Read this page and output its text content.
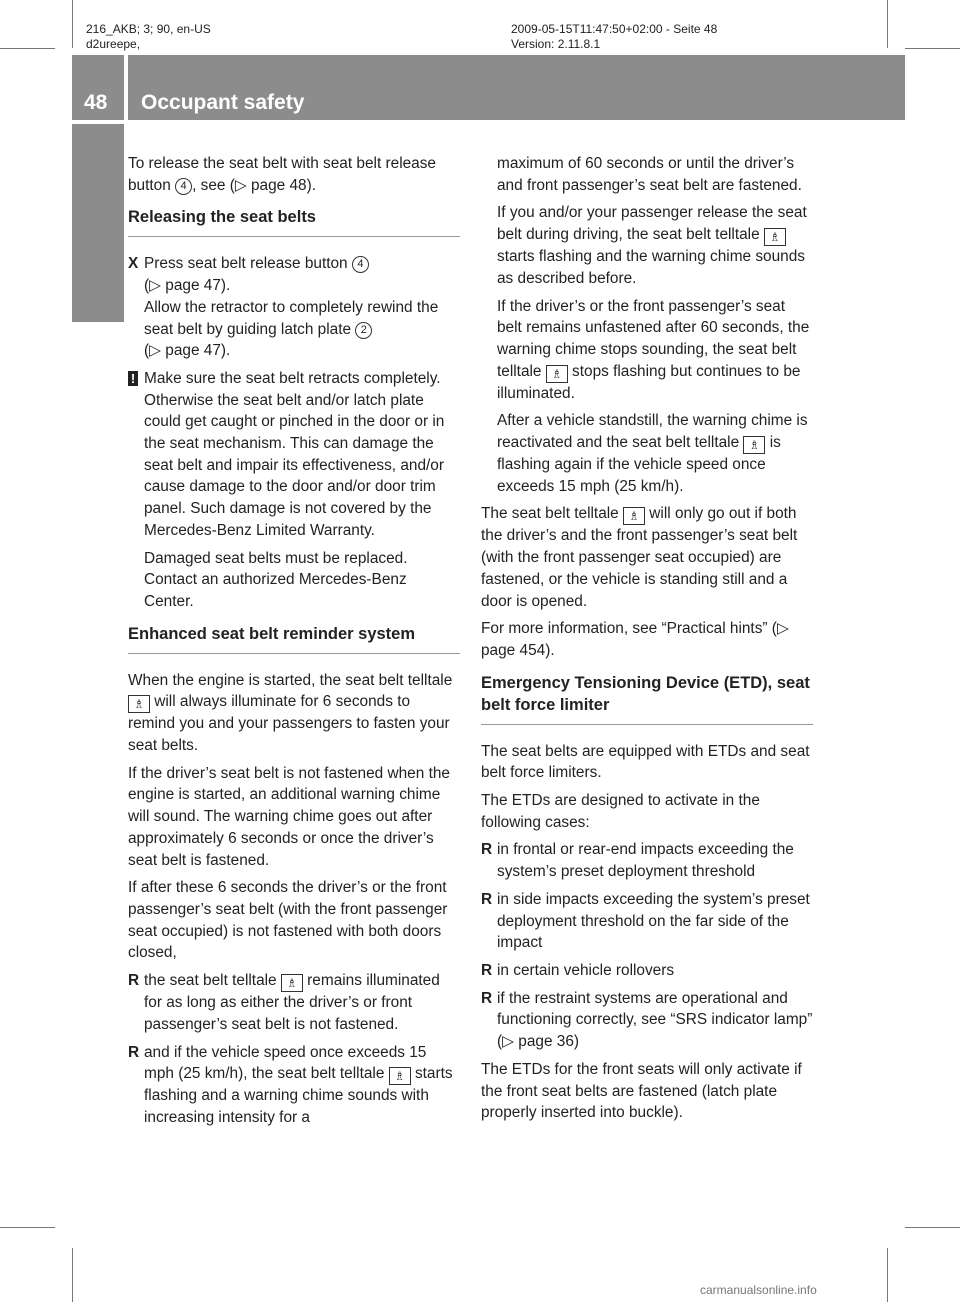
216_AKB; 3; 90, en-US
d2ureepe,
2009-05-15T11:47:50+02:00 - Seite 48
Version: 2.11.8.1
48 Occupant safety
Safety and security

To release the seat belt with seat belt release button 4 , see (▷ page 48).

Releasing the seat belts
X Press seat belt release button 4
(▷ page 47).
Allow the retractor to completely rewind the seat belt by guiding latch plate 2
(▷ page 47).
! Make sure the seat belt retracts completely. Otherwise the seat belt and/or latch plate could get caught or pinched in the door or in the seat mechanism. This can damage the seat belt and impair its effectiveness, and/or cause damage to the door and/or door trim panel. Such damage is not covered by the Mercedes-Benz Limited Warranty.

Damaged seat belts must be replaced. Contact an authorized Mercedes-Benz Center.

Enhanced seat belt reminder system

When the engine is started, the seat belt telltale ♗ will always illuminate for 6 seconds to remind you and your passengers to fasten your seat belts.

If the driver’s seat belt is not fastened when the engine is started, an additional warning chime will sound. The warning chime goes out after approximately 6 seconds or once the driver’s seat belt is fastened.

If after these 6 seconds the driver’s or the front passenger’s seat belt (with the front passenger seat occupied) is not fastened with both doors closed,

R the seat belt telltale ♗ remains illuminated for as long as either the driver’s or front passenger’s seat belt is not fastened.
R and if the vehicle speed once exceeds 15 mph (25 km/h), the seat belt telltale ♗ starts flashing and a warning chime sounds with increasing intensity for a

maximum of 60 seconds or until the driver’s and front passenger’s seat belt are fastened.

If you and/or your passenger release the seat belt during driving, the seat belt telltale ♗ starts flashing and the warning chime sounds as described before.

If the driver’s or the front passenger’s seat belt remains unfastened after 60 seconds, the warning chime stops sounding, the seat belt telltale ♗ stops flashing but continues to be illuminated.

After a vehicle standstill, the warning chime is reactivated and the seat belt telltale ♗ is flashing again if the vehicle speed once exceeds 15 mph (25 km/h).

The seat belt telltale ♗ will only go out if both the driver’s and the front passenger’s seat belt (with the front passenger seat occupied) are fastened, or the vehicle is standing still and a door is opened.

For more information, see “Practical hints” (▷ page 454).

Emergency Tensioning Device (ETD), seat belt force limiter

The seat belts are equipped with ETDs and seat belt force limiters.

The ETDs are designed to activate in the following cases:

R in frontal or rear-end impacts exceeding the system’s preset deployment threshold
R in side impacts exceeding the system’s preset deployment threshold on the far side of the impact
R in certain vehicle rollovers
R if the restraint systems are operational and functioning correctly, see “SRS indicator lamp” (▷ page 36)

The ETDs for the front seats will only activate if the front seat belts are fastened (latch plate properly inserted into buckle).

carmanualsonline.info
